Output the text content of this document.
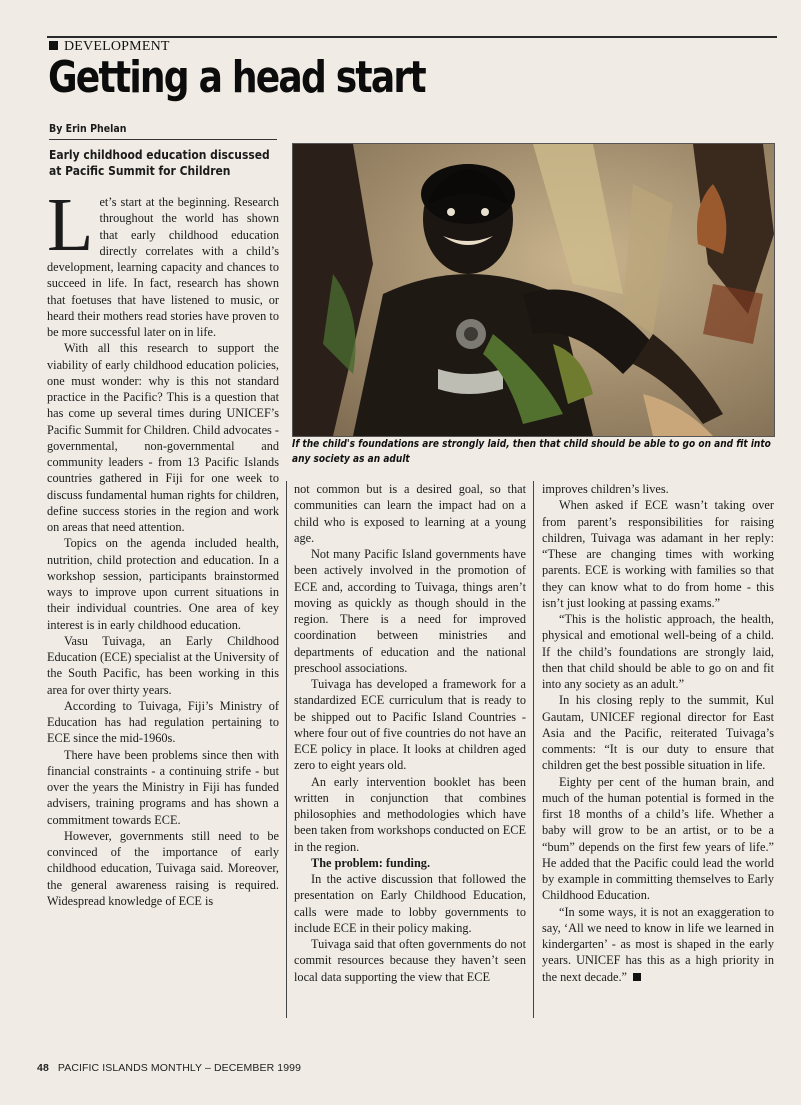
DEVELOPMENT
Getting a head start
By Erin Phelan
Early childhood education discussed at Pacific Summit for Children
If the child's foundations are strongly laid, then that child should be able to go on and fit into any society as an adult

Let’s start at the beginning. Research throughout the world has shown that early childhood education directly correlates with a child’s development, learning capacity and chances to succeed in life. In fact, research has shown that foetuses that have listened to music, or heard their mothers read stories have proven to be more successful later on in life.

With all this research to support the viability of early childhood education policies, one must wonder: why is this not standard practice in the Pacific? This is a question that has come up several times during UNICEF’s Pacific Summit for Children. Child advocates - governmental, non-governmental and community leaders - from 13 Pacific Islands countries gathered in Fiji for one week to discuss fundamental human rights for children, define success stories in the region and work on areas that need attention.

Topics on the agenda included health, nutrition, child protection and education. In a workshop session, participants brainstormed ways to improve upon current situations in their individual countries. One area of key interest is in early childhood education.

Vasu Tuivaga, an Early Childhood Education (ECE) specialist at the University of the South Pacific, has been working in this area for over thirty years.

According to Tuivaga, Fiji’s Ministry of Education has had regulation pertaining to ECE since the mid-1960s.

There have been problems since then with financial constraints - a continuing strife - but over the years the Ministry in Fiji has funded advisers, training programs and has shown a commitment towards ECE.

However, governments still need to be convinced of the importance of early childhood education, Tuivaga said. Moreover, the general awareness raising is required. Widespread knowledge of ECE is

not common but is a desired goal, so that communities can learn the impact had on a child who is exposed to learning at a young age.

Not many Pacific Island governments have been actively involved in the promotion of ECE and, according to Tuivaga, things aren’t moving as quickly as though should in the region. There is a need for improved coordination between ministries and departments of education and the national preschool associations.

Tuivaga has developed a framework for a standardized ECE curriculum that is ready to be shipped out to Pacific Island Countries - where four out of five countries do not have an ECE policy in place. It looks at children aged zero to eight years old.

An early intervention booklet has been written in conjunction that combines philosophies and methodologies which have been taken from workshops conducted on ECE in the region.

The problem: funding.

In the active discussion that followed the presentation on Early Childhood Education, calls were made to lobby governments to include ECE in their policy making.

Tuivaga said that often governments do not commit resources because they haven’t seen local data supporting the view that ECE

improves children’s lives.

When asked if ECE wasn’t taking over from parent’s responsibilities for raising children, Tuivaga was adamant in her reply: “These are changing times with working parents. ECE is working with families so that they can know what to do from home - this isn’t just looking at passing exams.”

“This is the holistic approach, the health, physical and emotional well-being of a child. If the child’s foundations are strongly laid, then that child should be able to go on and fit into any society as an adult.”

In his closing reply to the summit, Kul Gautam, UNICEF regional director for East Asia and the Pacific, reiterated Tuivaga’s comments: “It is our duty to ensure that children get the best possible situation in life.

Eighty per cent of the human brain, and much of the human potential is formed in the first 18 months of a child’s life. Whether a baby will grow to be an artist, or to be a “bum” depends on the first few years of life.” He added that the Pacific could lead the world by example in committing themselves to Early Childhood Education.

“In some ways, it is not an exaggeration to say, ‘All we need to know in life we learned in kindergarten’ - as most is shaped in the early years. UNICEF has this as a high priority in the next decade.”

48 PACIFIC ISLANDS MONTHLY – DECEMBER 1999
